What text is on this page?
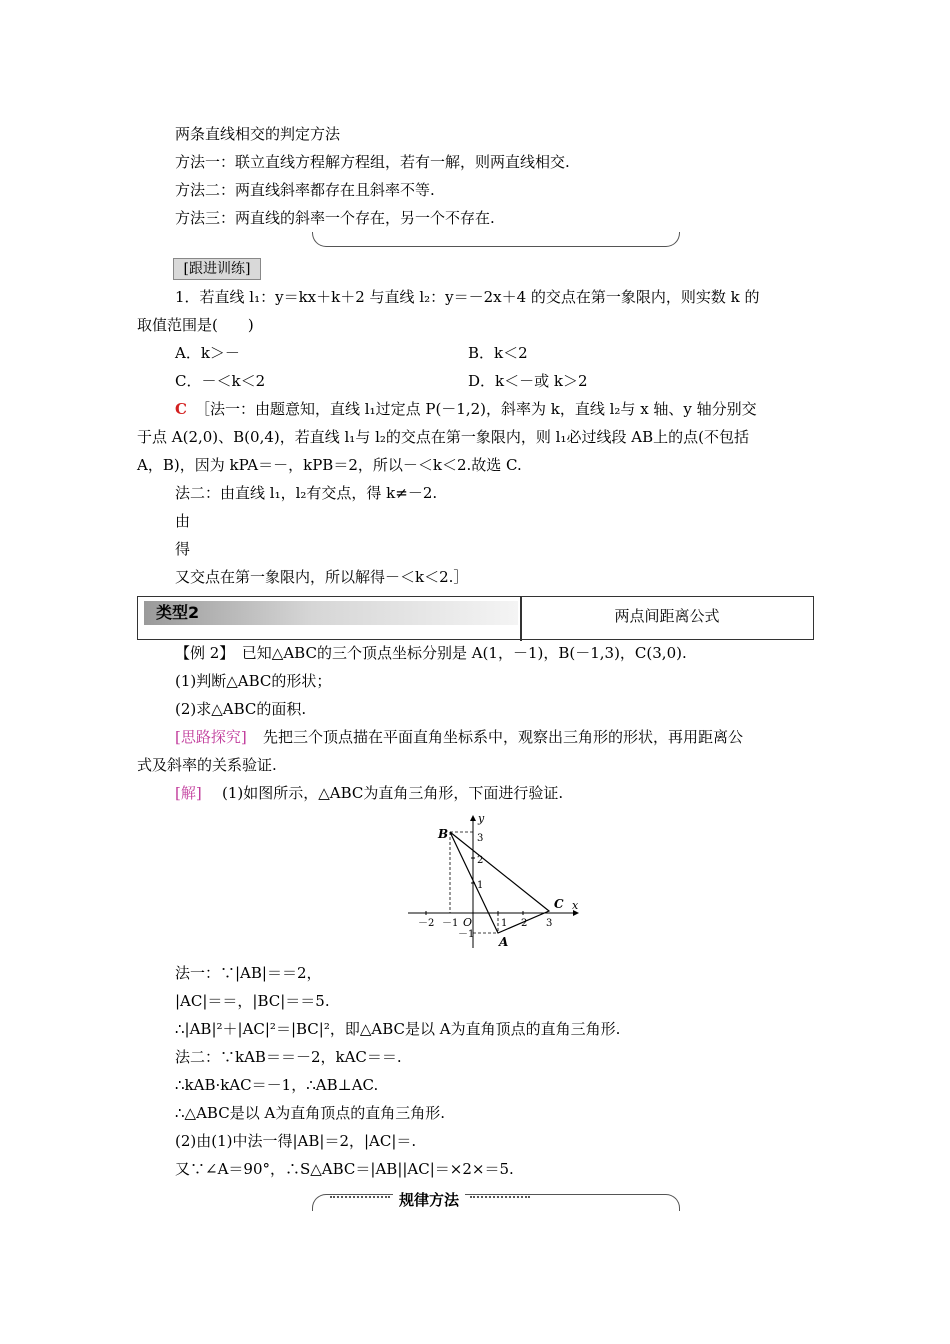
两条直线相交的判定方法
方法一：联立直线方程解方程组，若有一解，则两直线相交.
方法二：两直线斜率都存在且斜率不等.
方法三：两直线的斜率一个存在，另一个不存在.
[跟进训练]
1．若直线 l₁：y＝kx＋k＋2 与直线 l₂：y＝－2x＋4 的交点在第一象限内，则实数 k 的
取值范围是(　　)
A．k＞－	B．k＜2
C．－＜k＜2	D．k＜－或 k＞2
C ［法一：由题意知，直线 l₁过定点 P(－1,2)，斜率为 k，直线 l₂与 x 轴、y 轴分别交
于点 A(2,0)、B(0,4)，若直线 l₁与 l₂的交点在第一象限内，则 l₁必过线段 AB上的点(不包括
A，B)，因为 kPA＝－，kPB＝2，所以－＜k＜2.故选 C.
法二：由直线 l₁，l₂有交点，得 k≠－2.
由
得
又交点在第一象限内，所以解得－＜k＜2.］
类型2	两点间距离公式
【例 2】　已知△ABC的三个顶点坐标分别是 A(1，－1)，B(－1,3)，C(3,0).
(1)判断△ABC的形状；
(2)求△ABC的面积.
[思路探究] 先把三个顶点描在平面直角坐标系中，观察出三角形的形状，再用距离公
式及斜率的关系验证.
[解] (1)如图所示，△ABC为直角三角形，下面进行验证.
B
A
C
O
x
y
－2 －1	1 2 3
3
2
1
－1
法一：∵|AB|＝＝2，
|AC|＝＝，|BC|＝＝5.
∴|AB|²＋|AC|²＝|BC|²，即△ABC是以 A为直角顶点的直角三角形.
法二：∵kAB＝＝－2，kAC＝＝.
∴kAB·kAC＝－1，∴AB⊥AC.
∴△ABC是以 A为直角顶点的直角三角形.
(2)由(1)中法一得|AB|＝2，|AC|＝.
又∵∠A＝90°，∴S△ABC＝|AB||AC|＝×2×＝5.
规律方法
